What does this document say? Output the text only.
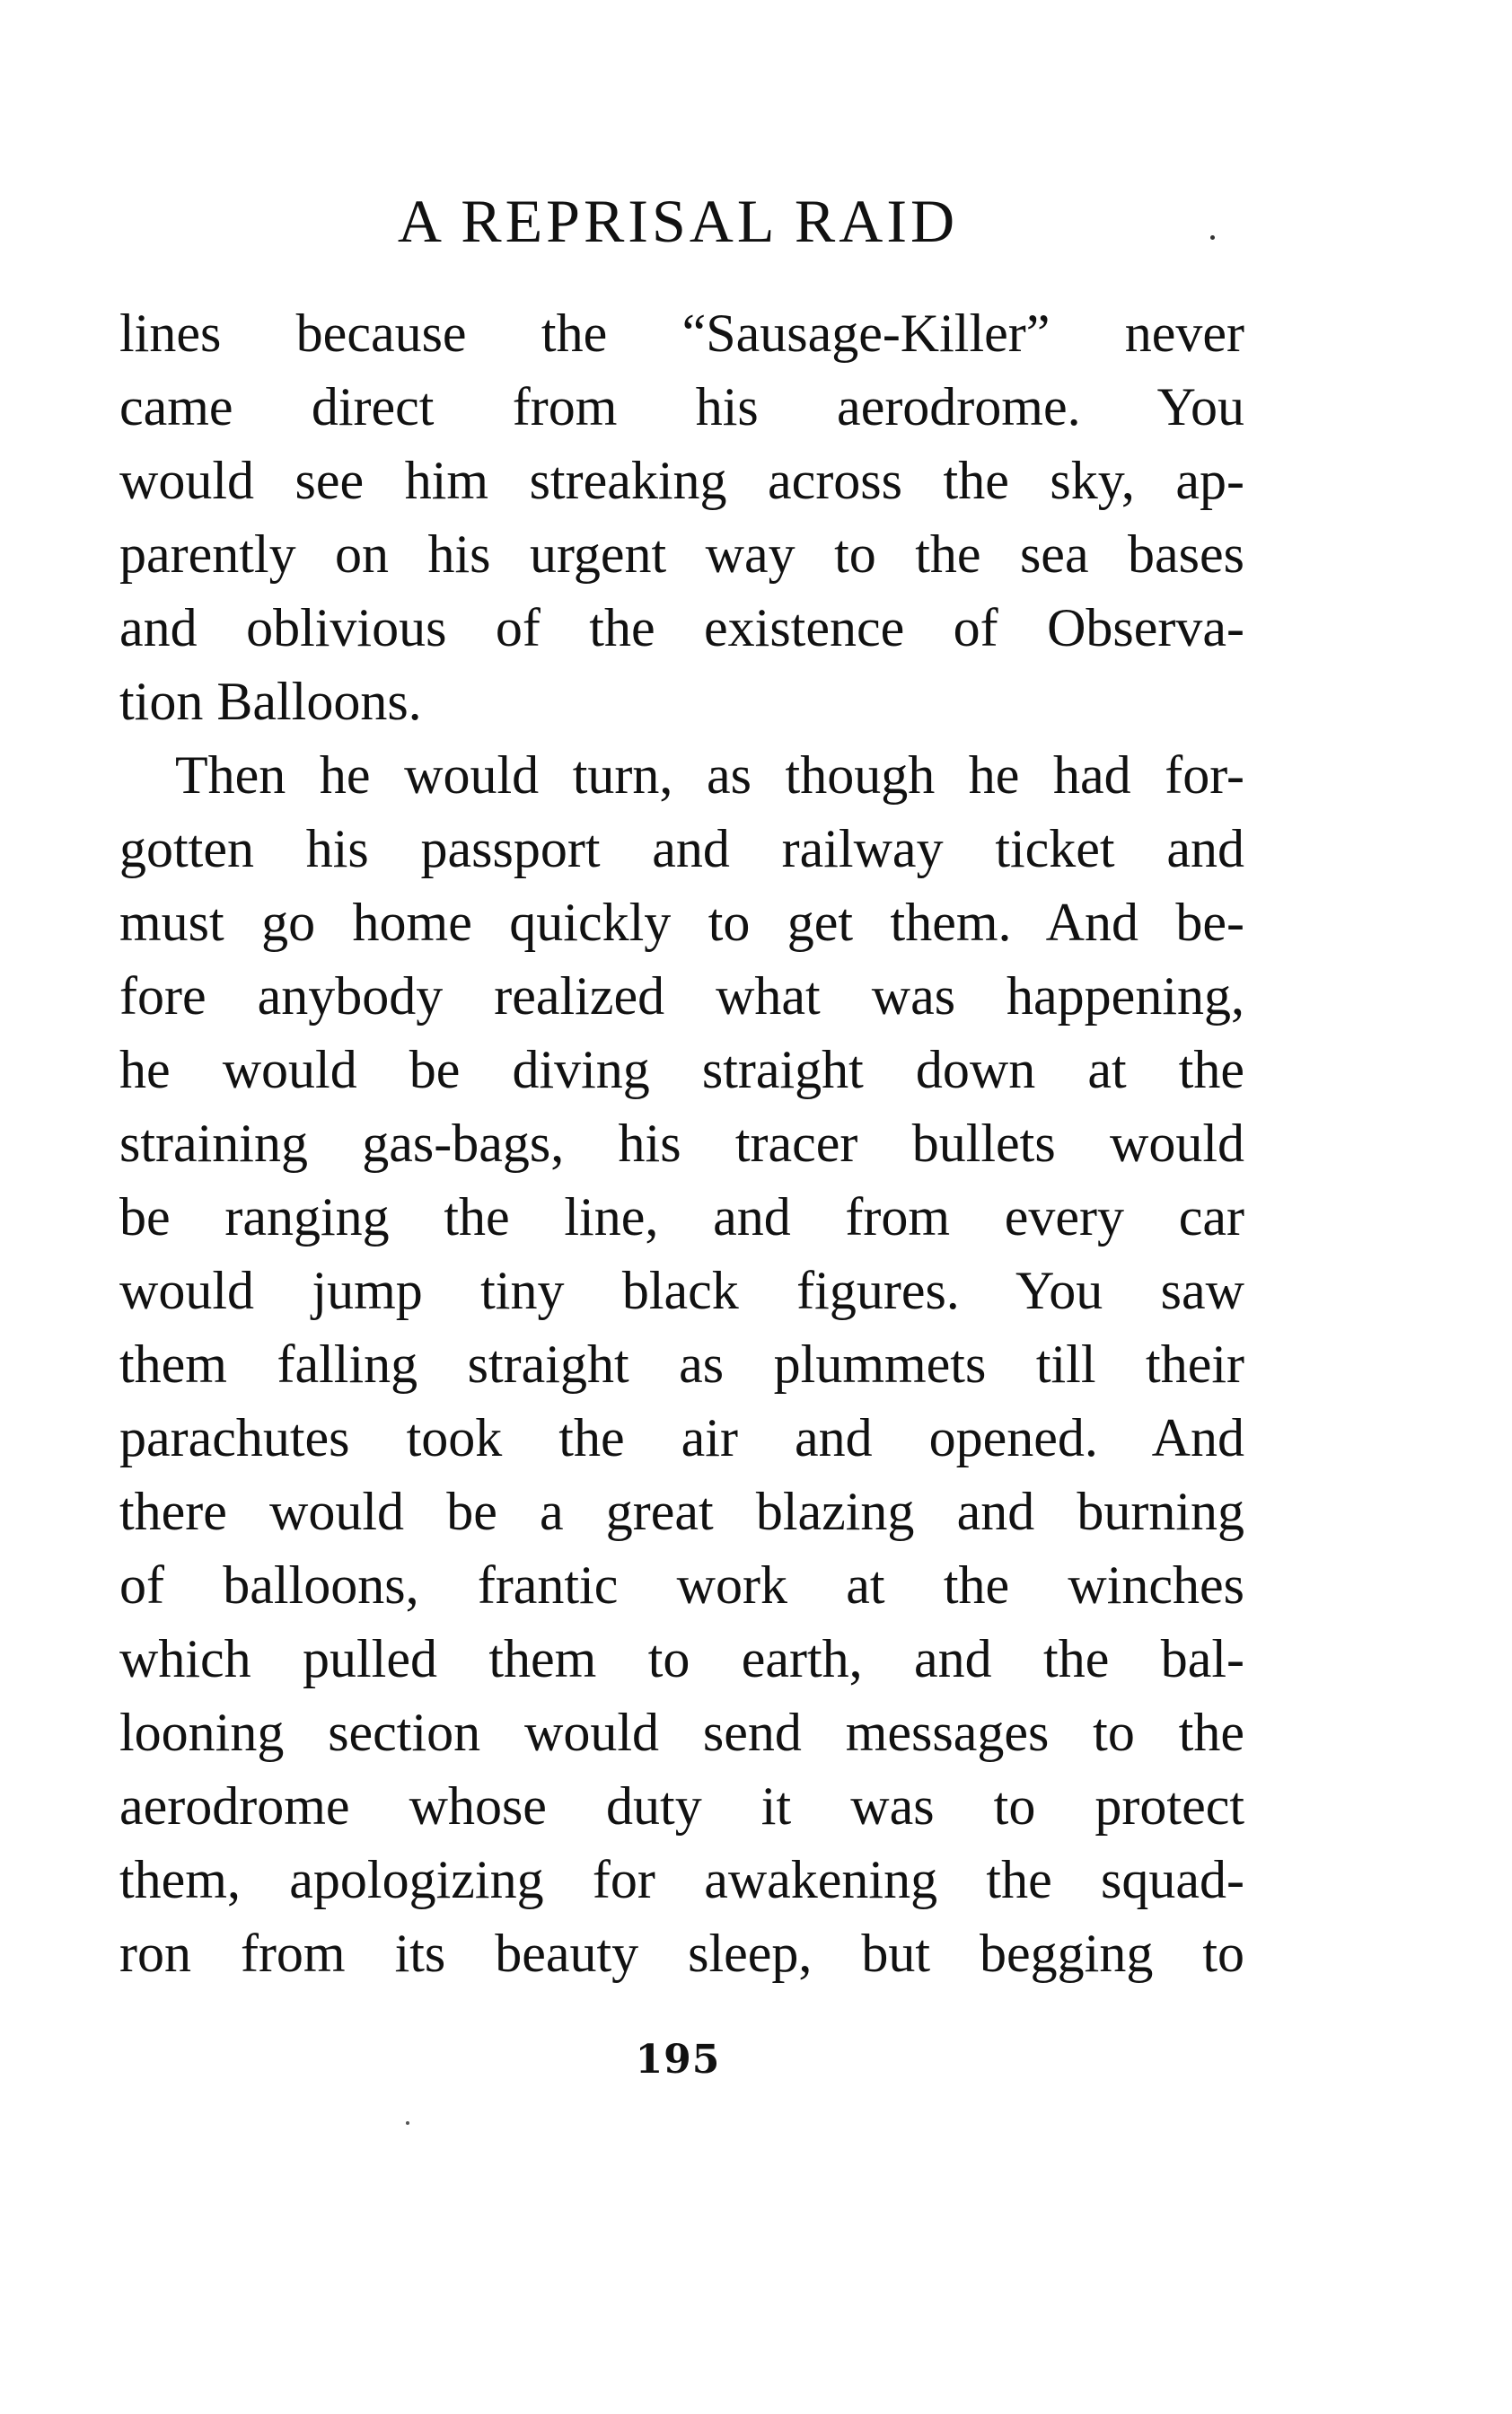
A REPRISAL RAID
lines because the “Sausage-Killer” never
came direct from his aerodrome. You
would see him streaking across the sky, ap-
parently on his urgent way to the sea bases
and oblivious of the existence of Observa-
tion Balloons.
Then he would turn, as though he had for-
gotten his passport and railway ticket and
must go home quickly to get them. And be-
fore anybody realized what was happening,
he would be diving straight down at the
straining gas-bags, his tracer bullets would
be ranging the line, and from every car
would jump tiny black figures. You saw
them falling straight as plummets till their
parachutes took the air and opened. And
there would be a great blazing and burning
of balloons, frantic work at the winches
which pulled them to earth, and the bal-
looning section would send messages to the
aerodrome whose duty it was to protect
them, apologizing for awakening the squad-
ron from its beauty sleep, but begging to
195
